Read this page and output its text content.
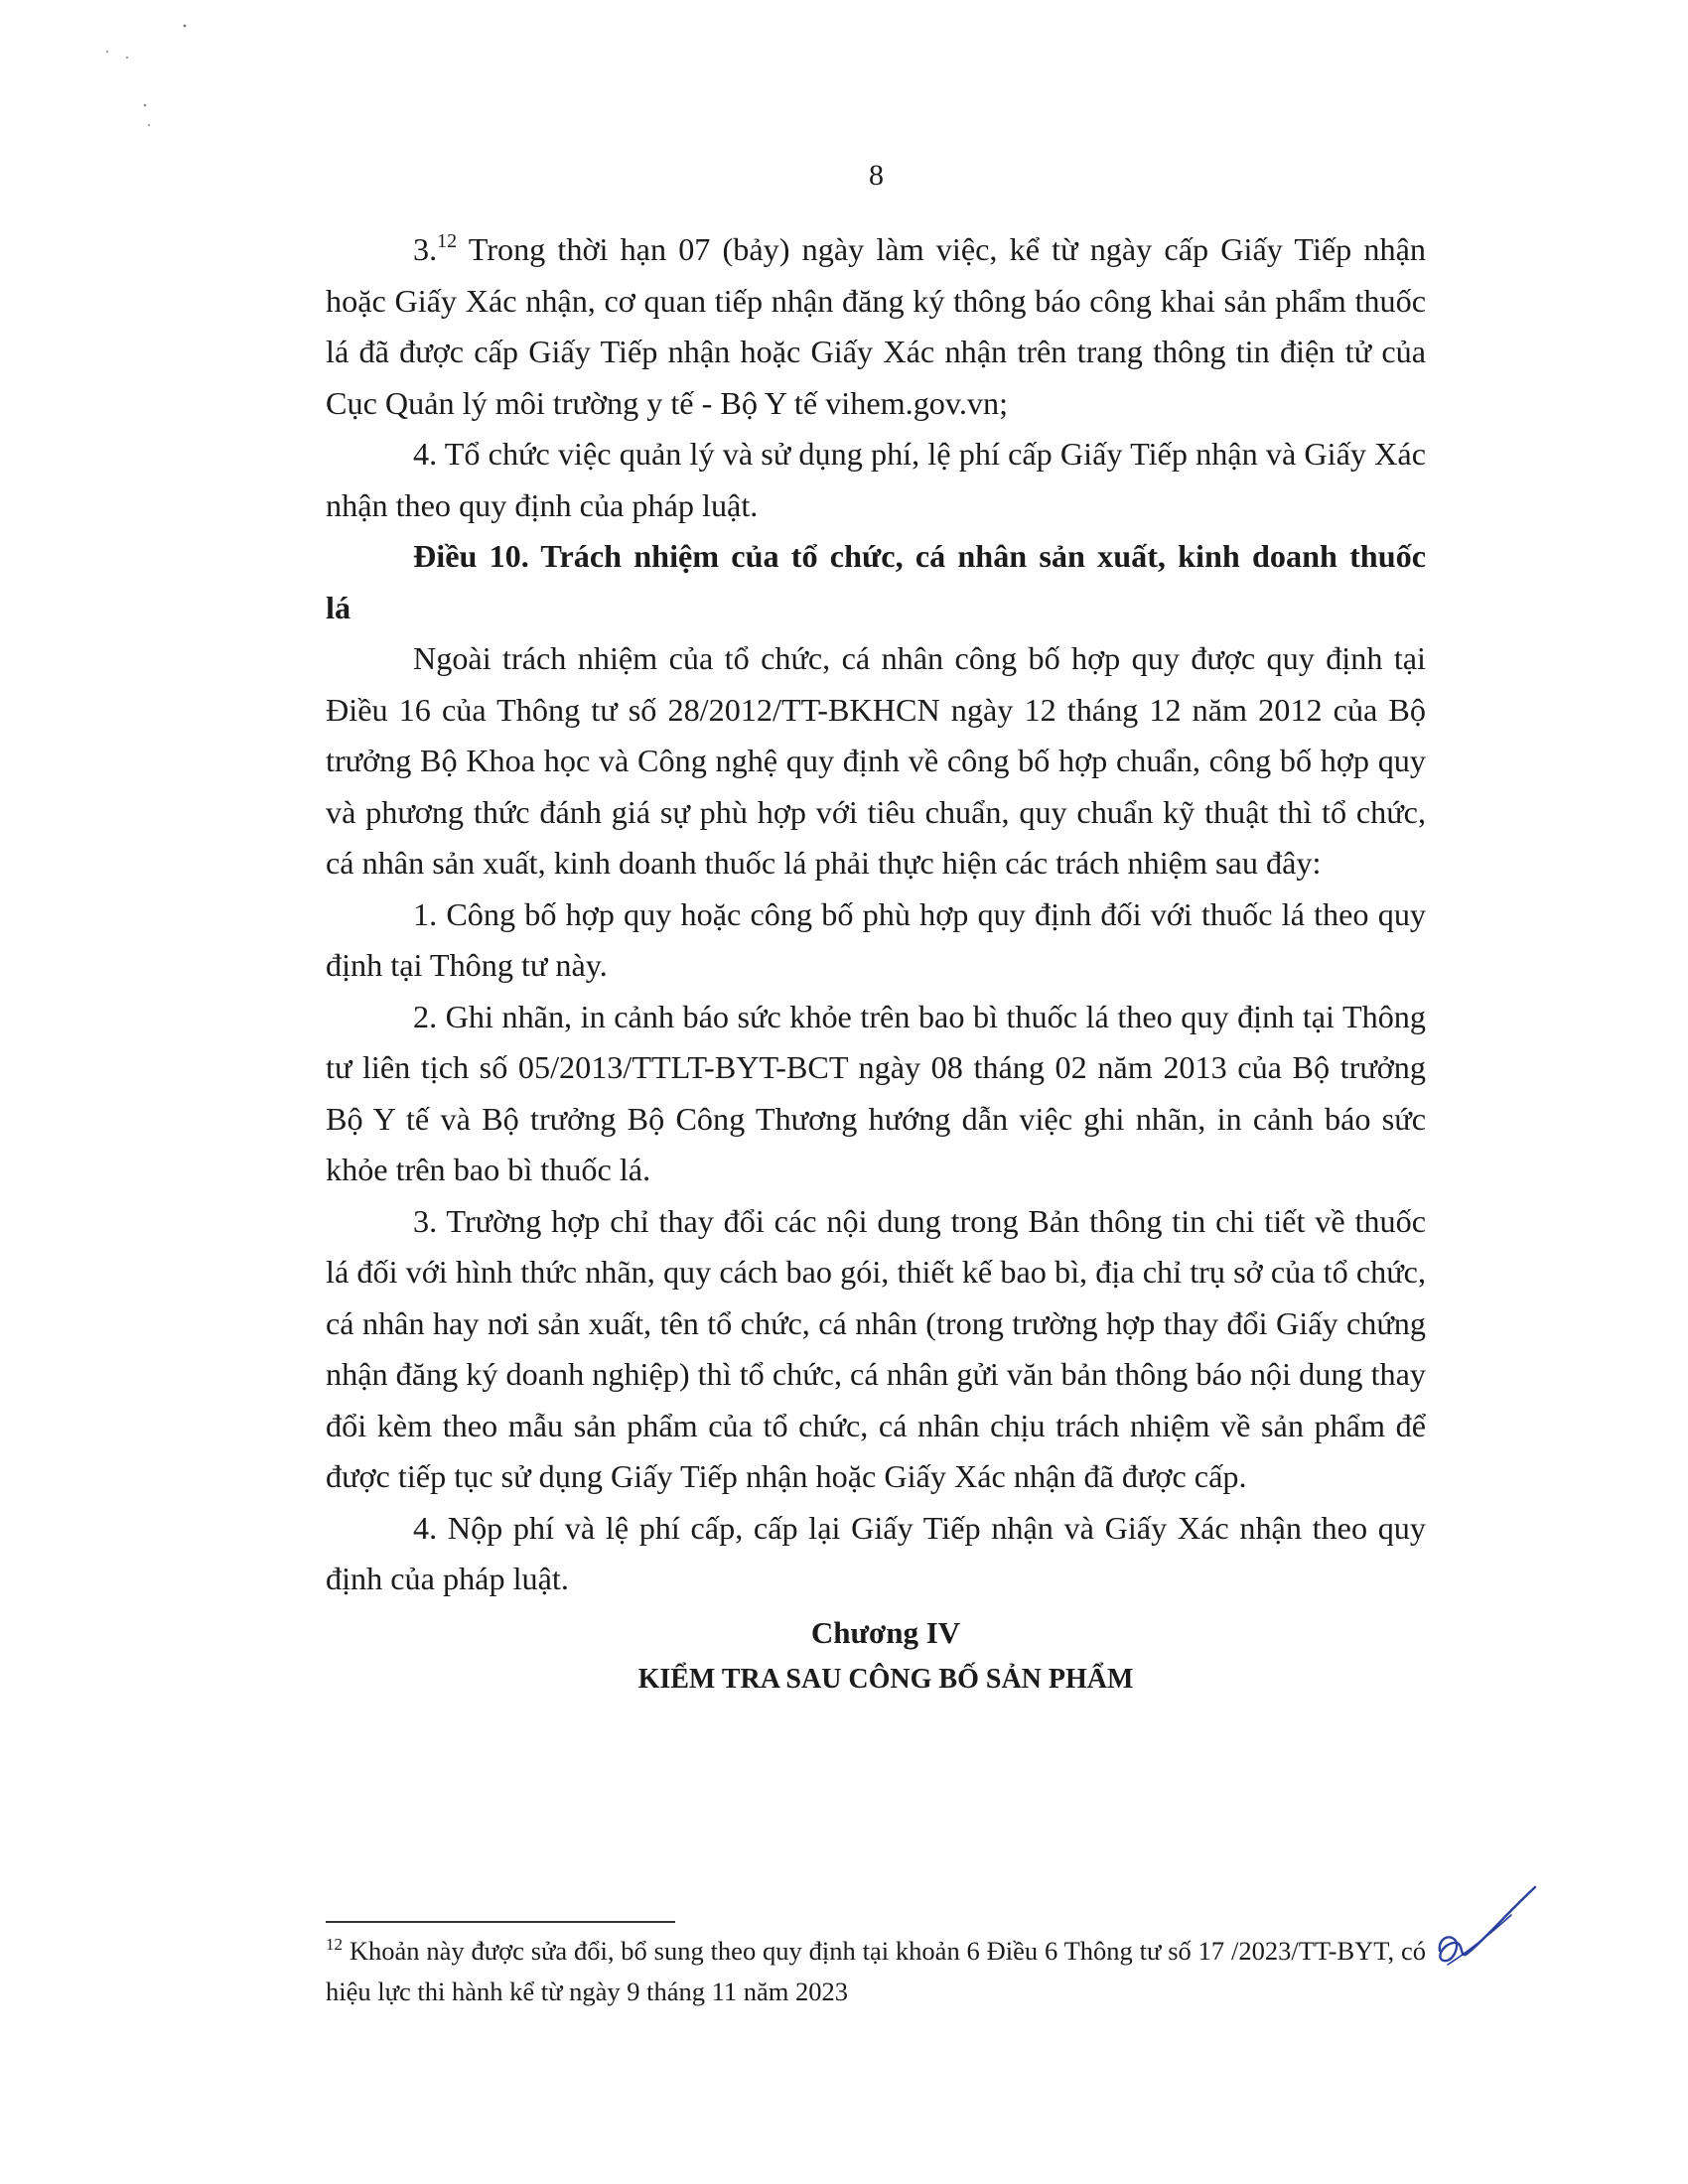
8

3.12 Trong thời hạn 07 (bảy) ngày làm việc, kể từ ngày cấp Giấy Tiếp nhận hoặc Giấy Xác nhận, cơ quan tiếp nhận đăng ký thông báo công khai sản phẩm thuốc lá đã được cấp Giấy Tiếp nhận hoặc Giấy Xác nhận trên trang thông tin điện tử của Cục Quản lý môi trường y tế - Bộ Y tế vihem.gov.vn;

4. Tổ chức việc quản lý và sử dụng phí, lệ phí cấp Giấy Tiếp nhận và Giấy Xác nhận theo quy định của pháp luật.

Điều 10. Trách nhiệm của tổ chức, cá nhân sản xuất, kinh doanh thuốc lá

Ngoài trách nhiệm của tổ chức, cá nhân công bố hợp quy được quy định tại Điều 16 của Thông tư số 28/2012/TT-BKHCN ngày 12 tháng 12 năm 2012 của Bộ trưởng Bộ Khoa học và Công nghệ quy định về công bố hợp chuẩn, công bố hợp quy và phương thức đánh giá sự phù hợp với tiêu chuẩn, quy chuẩn kỹ thuật thì tổ chức, cá nhân sản xuất, kinh doanh thuốc lá phải thực hiện các trách nhiệm sau đây:

1. Công bố hợp quy hoặc công bố phù hợp quy định đối với thuốc lá theo quy định tại Thông tư này.

2. Ghi nhãn, in cảnh báo sức khỏe trên bao bì thuốc lá theo quy định tại Thông tư liên tịch số 05/2013/TTLT-BYT-BCT ngày 08 tháng 02 năm 2013 của Bộ trưởng Bộ Y tế và Bộ trưởng Bộ Công Thương hướng dẫn việc ghi nhãn, in cảnh báo sức khỏe trên bao bì thuốc lá.

3. Trường hợp chỉ thay đổi các nội dung trong Bản thông tin chi tiết về thuốc lá đối với hình thức nhãn, quy cách bao gói, thiết kế bao bì, địa chỉ trụ sở của tổ chức, cá nhân hay nơi sản xuất, tên tổ chức, cá nhân (trong trường hợp thay đổi Giấy chứng nhận đăng ký doanh nghiệp) thì tổ chức, cá nhân gửi văn bản thông báo nội dung thay đổi kèm theo mẫu sản phẩm của tổ chức, cá nhân chịu trách nhiệm về sản phẩm để được tiếp tục sử dụng Giấy Tiếp nhận hoặc Giấy Xác nhận đã được cấp.

4. Nộp phí và lệ phí cấp, cấp lại Giấy Tiếp nhận và Giấy Xác nhận theo quy định của pháp luật.

Chương IV
KIỂM TRA SAU CÔNG BỐ SẢN PHẨM
$^{12}$ Khoản này được sửa đổi, bổ sung theo quy định tại khoản 6 Điều 6 Thông tư số 17 /2023/TT-BYT, có hiệu lực thi hành kể từ ngày 9 tháng 11 năm 2023
